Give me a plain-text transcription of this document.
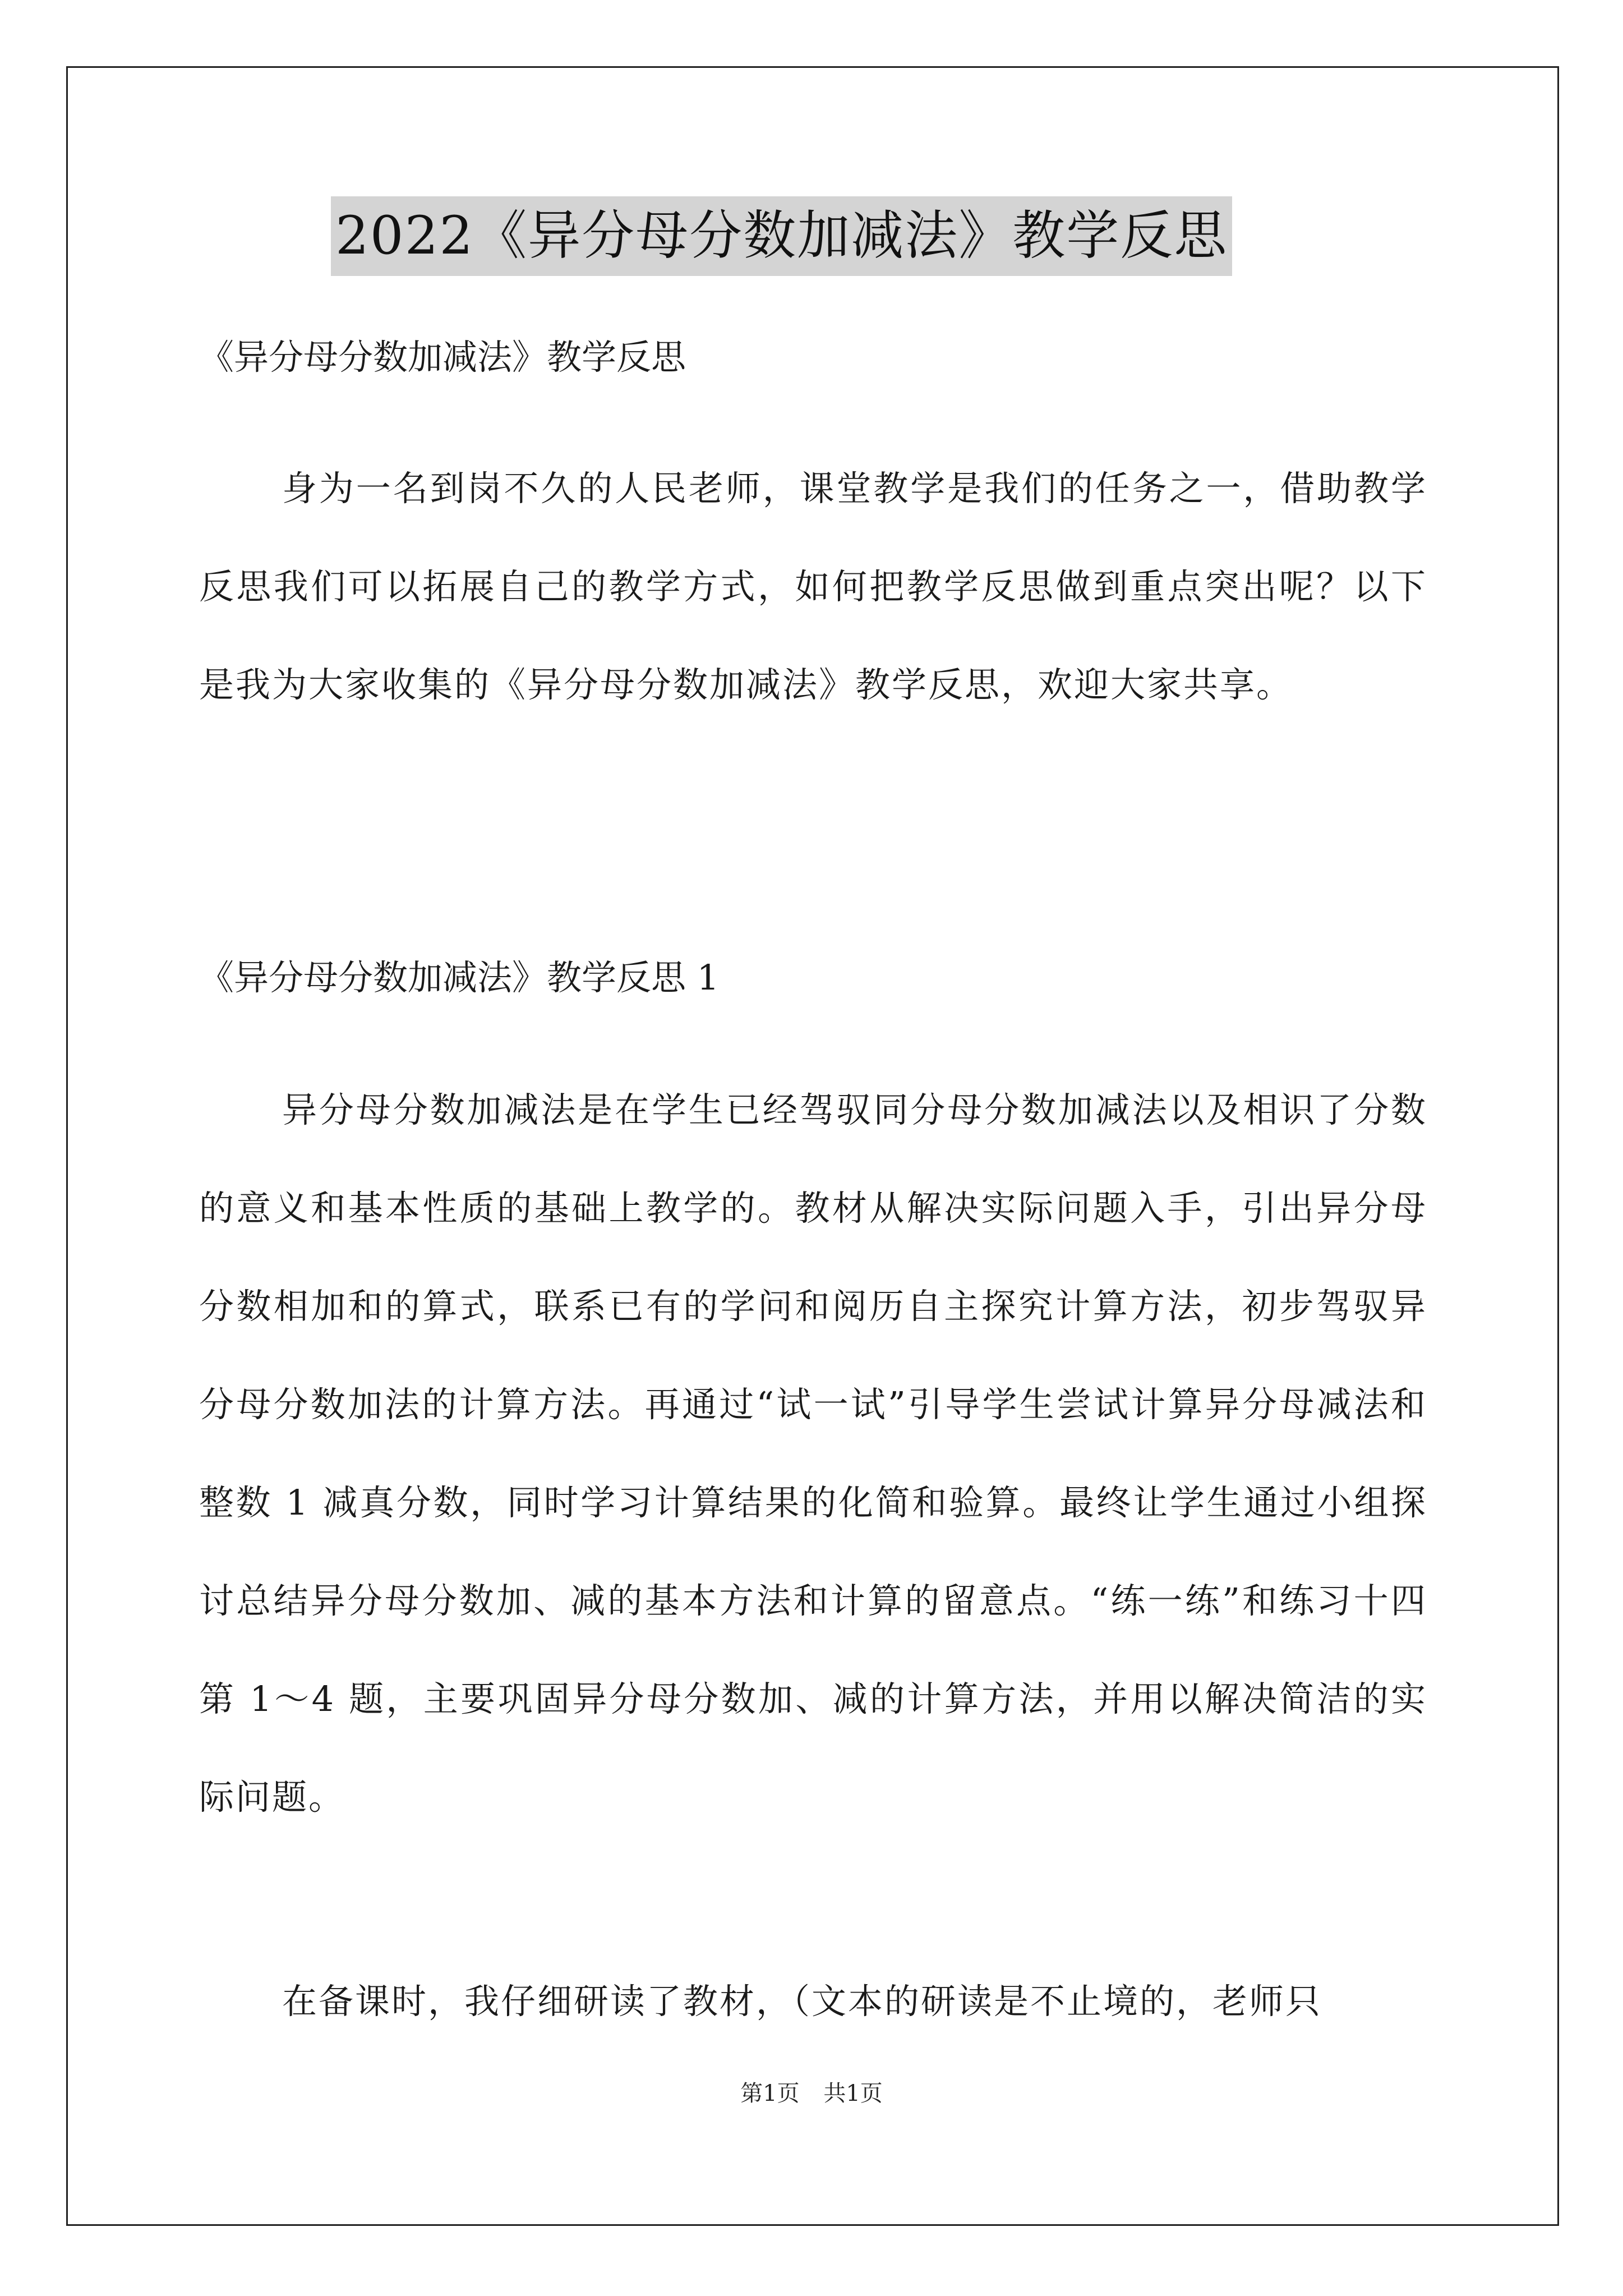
2022《异分母分数加减法》教学反思
《异分母分数加减法》教学反思
身为一名到岗不久的人民老师，课堂教学是我们的任务之一，借助教学反思我们可以拓展自己的教学方式，如何把教学反思做到重点突出呢？以下是我为大家收集的《异分母分数加减法》教学反思，欢迎大家共享。
《异分母分数加减法》教学反思 1
异分母分数加减法是在学生已经驾驭同分母分数加减法以及相识了分数的意义和基本性质的基础上教学的。教材从解决实际问题入手，引出异分母分数相加和的算式，联系已有的学问和阅历自主探究计算方法，初步驾驭异分母分数加法的计算方法。再通过“试一试”引导学生尝试计算异分母减法和整数 1 减真分数，同时学习计算结果的化简和验算。最终让学生通过小组探讨总结异分母分数加、减的基本方法和计算的留意点。“练一练”和练习十四第 1～4 题，主要巩固异分母分数加、减的计算方法，并用以解决简洁的实际问题。
在备课时，我仔细研读了教材，（文本的研读是不止境的，老师只
第1页 共1页
